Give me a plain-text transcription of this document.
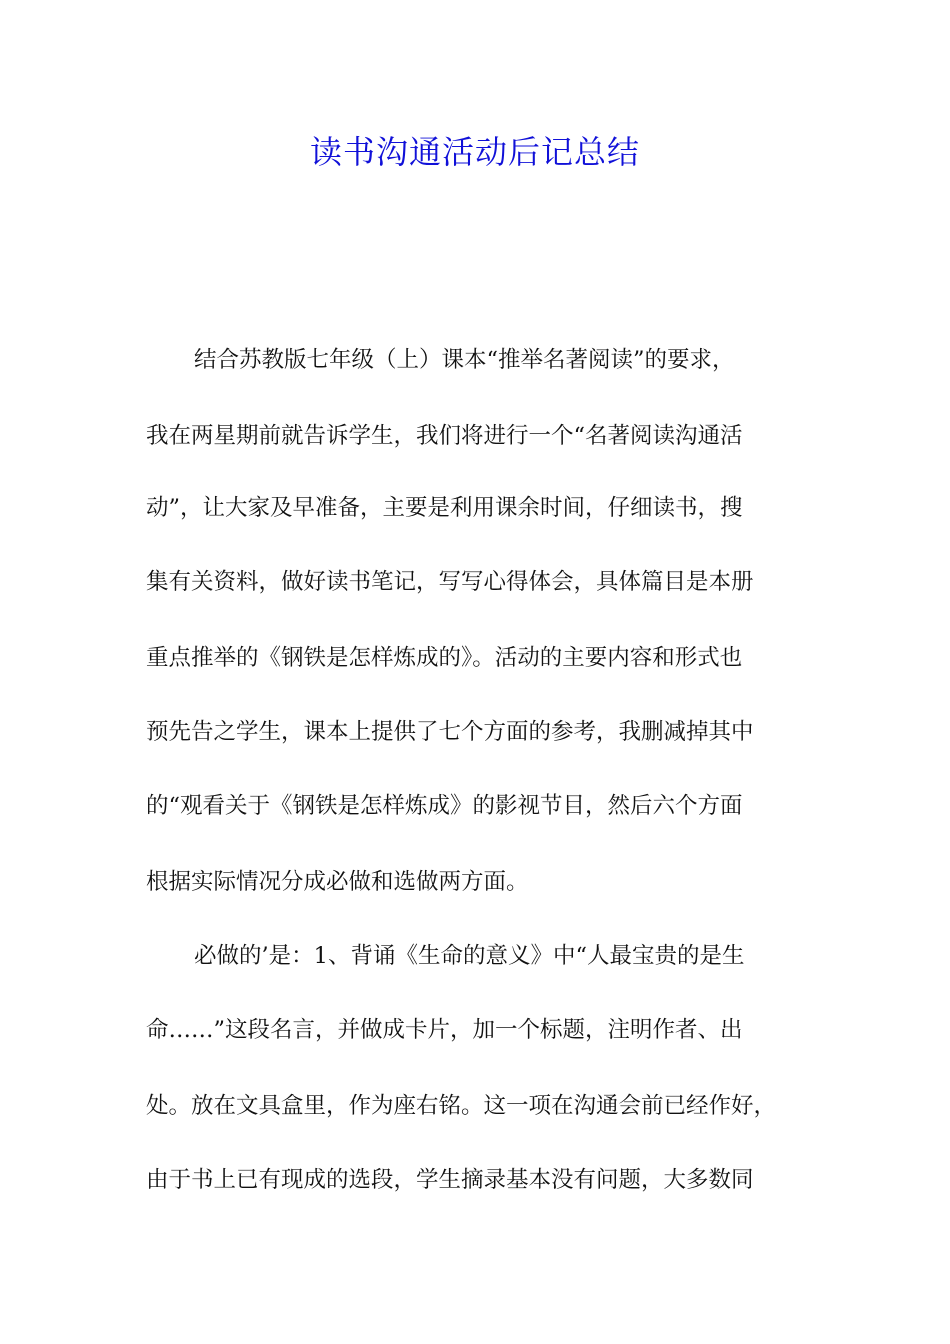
读书沟通活动后记总结

结合苏教版七年级（上）课本“推举名著阅读”的要求，

我在两星期前就告诉学生，我们将进行一个“名著阅读沟通活

动”，让大家及早准备，主要是利用课余时间，仔细读书，搜

集有关资料，做好读书笔记，写写心得体会，具体篇目是本册

重点推举的《钢铁是怎样炼成的》。活动的主要内容和形式也

预先告之学生，课本上提供了七个方面的参考，我删减掉其中

的“观看关于《钢铁是怎样炼成》的影视节目，然后六个方面

根据实际情况分成必做和选做两方面。

必做的’是：1、背诵《生命的意义》中“人最宝贵的是生

命……”这段名言，并做成卡片，加一个标题，注明作者、出

处。放在文具盒里，作为座右铭。这一项在沟通会前已经作好，

由于书上已有现成的选段，学生摘录基本没有问题，大多数同
